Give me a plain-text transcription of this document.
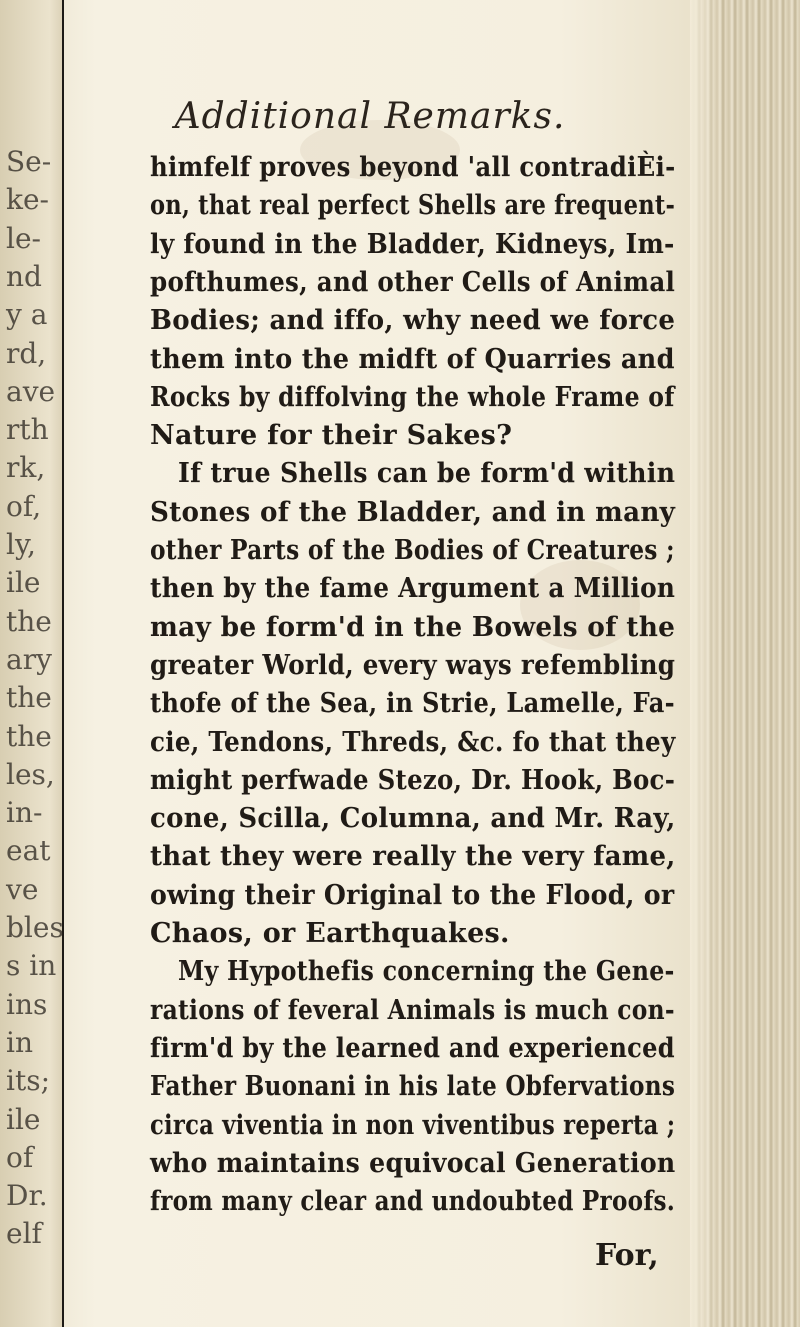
Se-
ke-
le-
nd
y a
rd,
ave
rth
rk,
of,
ly,
ile
the
ary
the
the
les,
in-
eat
ve
bles
s in
ins
in
its;
ile
of
Dr.
elf
Additional Remarks.
himfelf proves beyond 'all contradiЀi-
on, that real perfect Shells are frequent-
ly found in the Bladder, Kidneys, Im-
pofthumes, and other Cells of Animal
Bodies; and iffo, why need we force
them into the midft of Quarries and
Rocks by diffolving the whole Frame of
Nature for their Sakes?
If true Shells can be form'd within
Stones of the Bladder, and in many
other Parts of the Bodies of Creatures ;
then by the fame Argument a Million
may be form'd in the Bowels of the
greater World, every ways refembling
thofe of the Sea, in Strie, Lamelle, Fa-
cie, Tendons, Threds, &c. fo that they
might perfwade Stezo, Dr. Hook, Boc-
cone, Scilla, Columna, and Mr. Ray,
that they were really the very fame,
owing their Original to the Flood, or
Chaos, or Earthquakes.
My Hypothefis concerning the Gene-
rations of feveral Animals is much con-
firm'd by the learned and experienced
Father Buonani in his late Obfervations
circa viventia in non viventibus reperta ;
who maintains equivocal Generation
from many clear and undoubted Proofs.
For,
